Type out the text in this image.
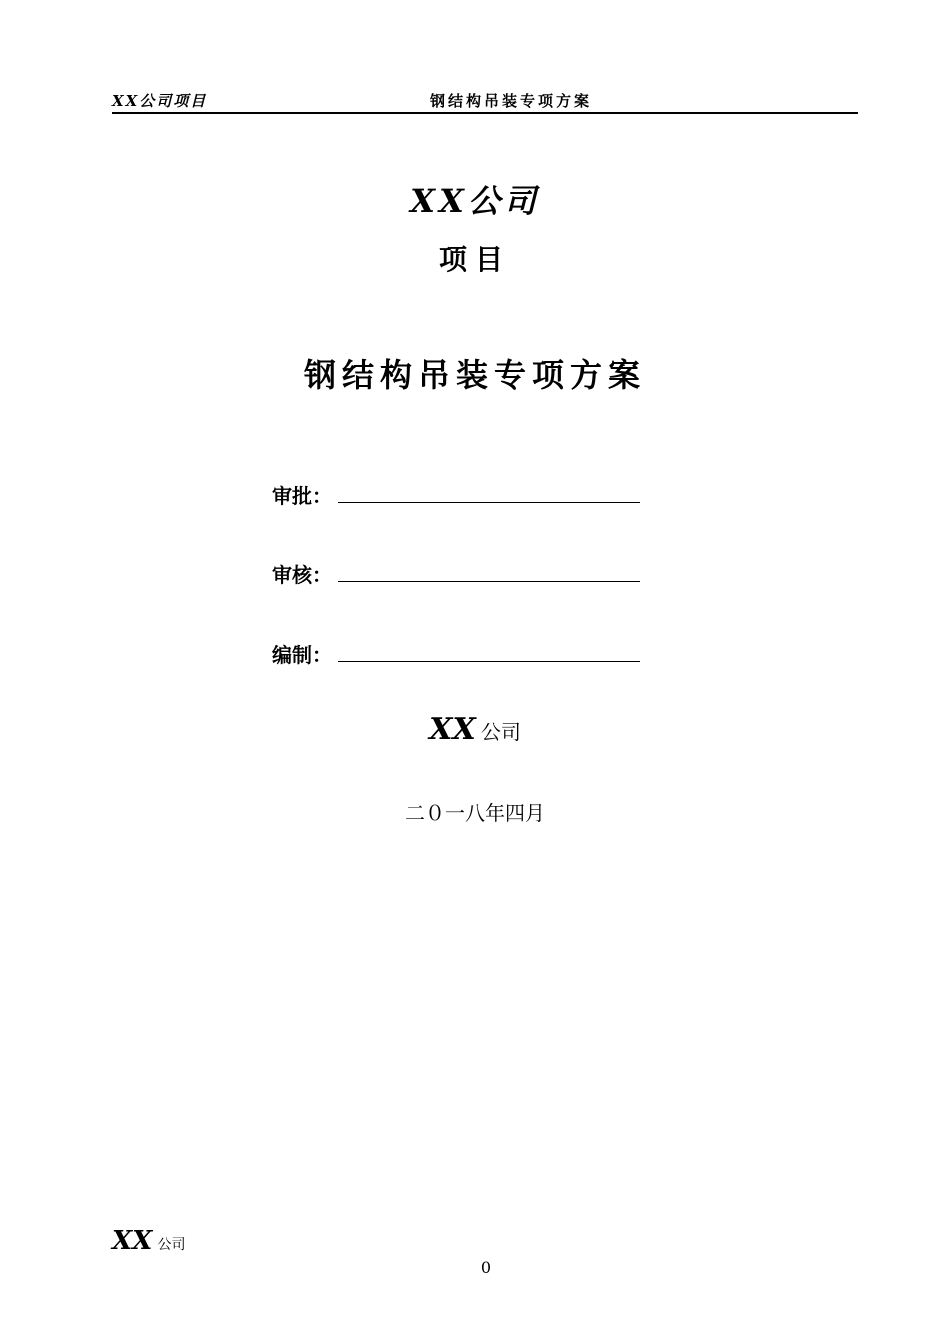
XX公司项目	钢结构吊装专项方案
XX公司
项目
钢结构吊装专项方案
审批：
审核：
编制：
XX 公司
二０一八年四月
XX 公司
0
